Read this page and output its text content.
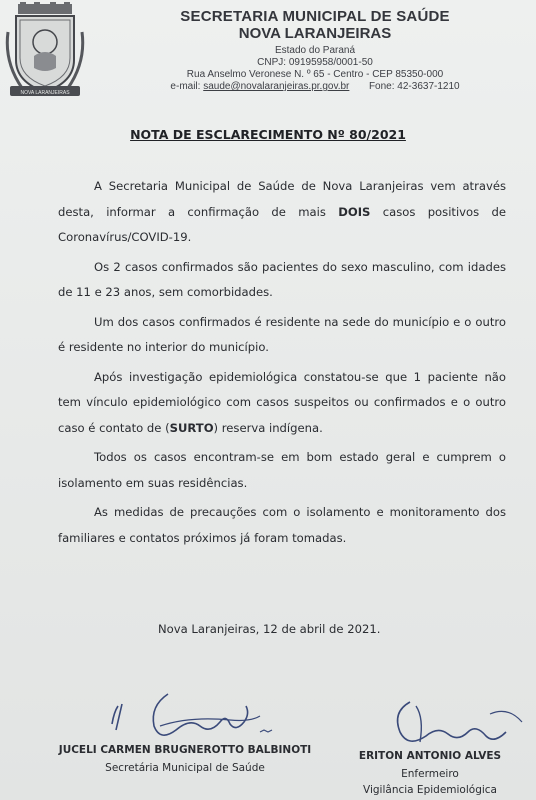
NOVA LARANJEIRAS
SECRETARIA MUNICIPAL DE SAÚDE
NOVA LARANJEIRAS
Estado do Paraná
CNPJ: 09195958/0001-50
Rua Anselmo Veronese N. º 65 - Centro - CEP 85350-000
e-mail: saude@novalaranjeiras.pr.gov.br Fone: 42-3637-1210
NOTA DE ESCLARECIMENTO Nº 80/2021

A Secretaria Municipal de Saúde de Nova Laranjeiras vem através desta, informar a confirmação de mais DOIS casos positivos de Coronavírus/COVID-19.

Os 2 casos confirmados são pacientes do sexo masculino, com idades de 11 e 23 anos, sem comorbidades.

Um dos casos confirmados é residente na sede do município e o outro é residente no interior do município.

Após investigação epidemiológica constatou-se que 1 paciente não tem vínculo epidemiológico com casos suspeitos ou confirmados e o outro caso é contato de (SURTO) reserva indígena.

Todos os casos encontram-se em bom estado geral e cumprem o isolamento em suas residências.

As medidas de precauções com o isolamento e monitoramento dos familiares e contatos próximos já foram tomadas.

Nova Laranjeiras, 12 de abril de 2021.
JUCELI CARMEN BRUGNEROTTO BALBINOTI
Secretária Municipal de Saúde
ERITON ANTONIO ALVES
Enfermeiro
Vigilância Epidemiológica
